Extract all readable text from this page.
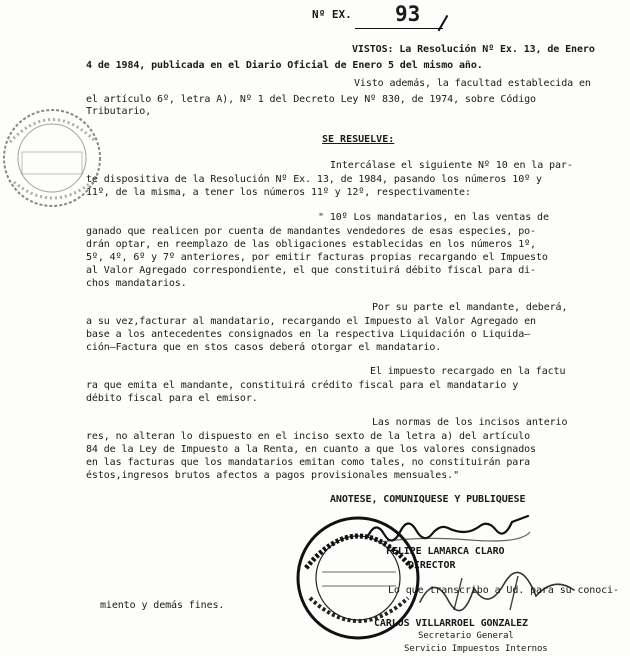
Nº EX. 93
VISTOS: La Resolución Nº Ex. 13, de Enero
4 de 1984, publicada en el Diario Oficial de Enero 5 del mismo año.
Visto además, la facultad establecida en
el artículo 6º, letra A), Nº 1 del Decreto Ley Nº 830, de 1974, sobre Código
Tributario,
SE RESUELVE:
Intercálase el siguiente Nº 10 en la par-
te dispositiva de la Resolución Nº Ex. 13, de 1984, pasando los números 10º y
11º, de la misma, a tener los números 11º y 12º, respectivamente:
" 10º Los mandatarios, en las ventas de
ganado que realicen por cuenta de mandantes vendedores de esas especies, po-
drán optar, en reemplazo de las obligaciones establecidas en los números 1º,
5º, 4º, 6º y 7º anteriores, por emitir facturas propias recargando el Impuesto
al Valor Agregado correspondiente, el que constituirá débito fiscal para di-
chos mandatarios.
Por su parte el mandante, deberá,
a su vez,facturar al mandatario, recargando el Impuesto al Valor Agregado en
base a los antecedentes consignados en la respectiva Liquidación o Liquida—
ción—Factura que en stos casos deberá otorgar el mandatario.
El impuesto recargado en la factu
ra que emita el mandante, constituirá crédito fiscal para el mandatario y
débito fiscal para el emisor.
Las normas de los incisos anterio
res, no alteran lo dispuesto en el inciso sexto de la letra a) del artículo
84 de la Ley de Impuesto a la Renta, en cuanto a que los valores consignados
en las facturas que los mandatarios emitan como tales, no constituirán para
éstos,ingresos brutos afectos a pagos provisionales mensuales."
ANOTESE, COMUNIQUESE Y PUBLIQUESE
FELIPE LAMARCA CLARO
DIRECTOR
Lo que transcribo a Ud. para su conoci-
miento y demás fines.
CARLOS VILLARROEL GONZALEZ
Secretario General
Servicio Impuestos Internos
